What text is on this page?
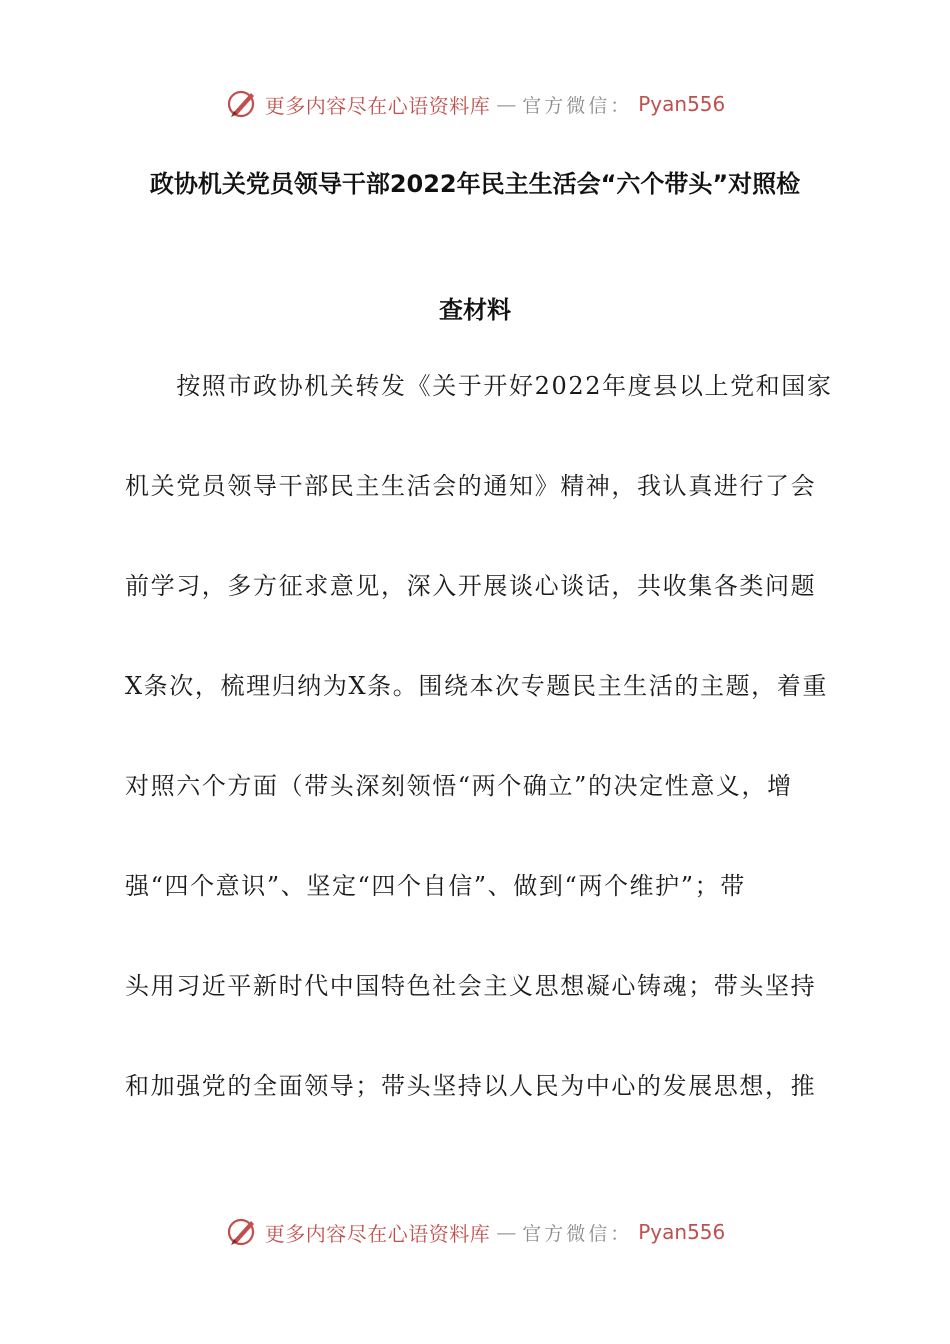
更多内容尽在心语资料库 — 官方微信： Pyan556
政协机关党员领导干部2022年民主生活会“六个带头”对照检
查材料

　　按照市政协机关转发《关于开好2022年度县以上党和国家

机关党员领导干部民主生活会的通知》精神，我认真进行了会

前学习，多方征求意见，深入开展谈心谈话，共收集各类问题

X条次，梳理归纳为X条。围绕本次专题民主生活的主题，着重

对照六个方面（带头深刻领悟“两个确立”的决定性意义，增

强“四个意识”、坚定“四个自信”、做到“两个维护”；带

头用习近平新时代中国特色社会主义思想凝心铸魂；带头坚持

和加强党的全面领导；带头坚持以人民为中心的发展思想，推

更多内容尽在心语资料库 — 官方微信： Pyan556
